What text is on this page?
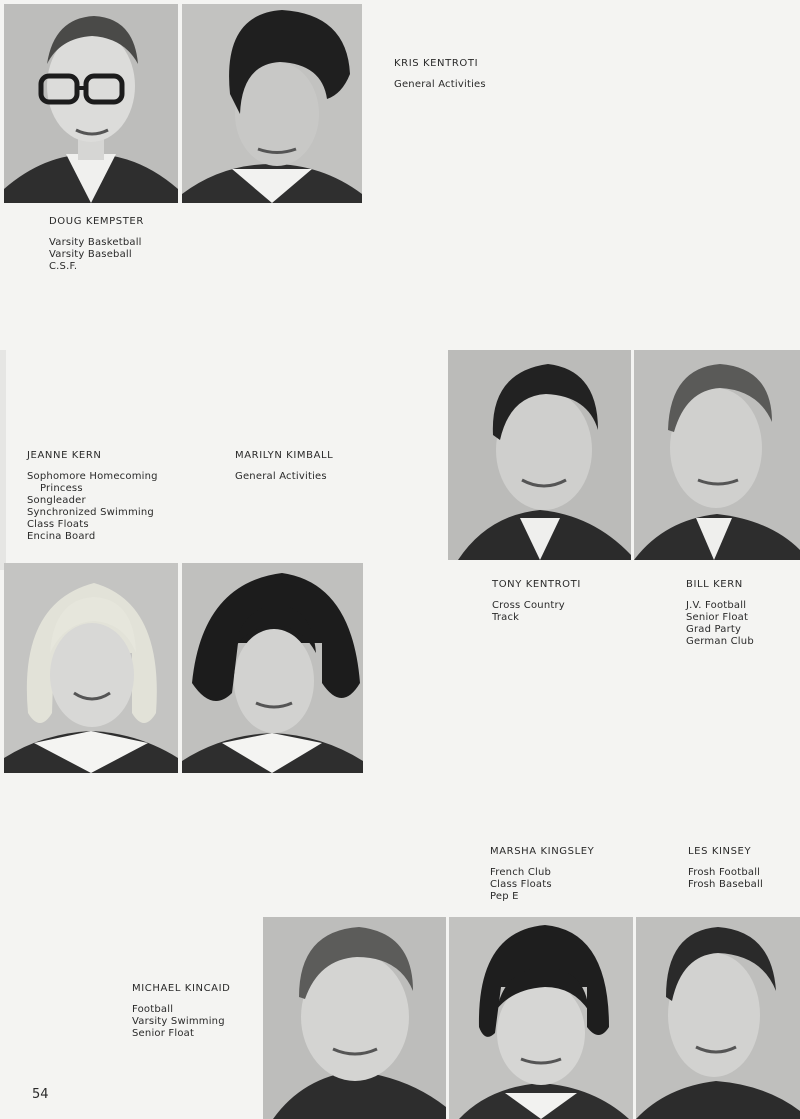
KRIS KENTROTI
General Activities
DOUG KEMPSTER
Varsity Basketball
Varsity Baseball
C.S.F.
JEANNE KERN
Sophomore Homecoming
Princess
Songleader
Synchronized Swimming
Class Floats
Encina Board
MARILYN KIMBALL
General Activities
TONY KENTROTI
Cross Country
Track
BILL KERN
J.V. Football
Senior Float
Grad Party
German Club
MARSHA KINGSLEY
French Club
Class Floats
Pep E
LES KINSEY
Frosh Football
Frosh Baseball
MICHAEL KINCAID
Football
Varsity Swimming
Senior Float
54
